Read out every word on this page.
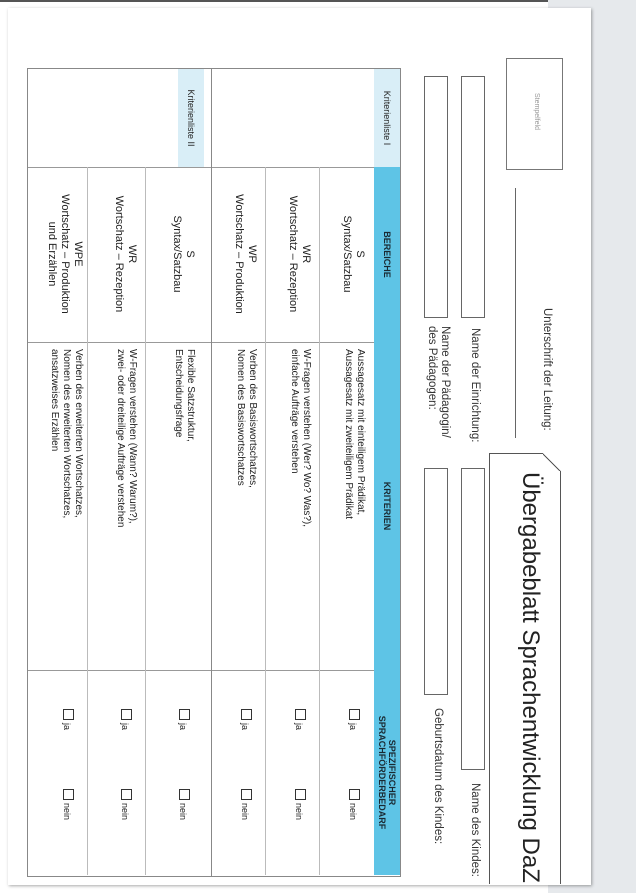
Übergabeblatt Sprachentwicklung DaZ
Name des Kindes:
Geburtsdatum des Kindes:
Name der Einrichtung:
Name der Pädagogin/
des Pädagogen:	Unterschrift der Leitung:
Stempelfeld
Kriterienliste I
BEREICHE
KRITERIEN
SPEZIFISCHER
SPRACHFÖRDERBEDARF
S
Syntax/Satzbau
Aussagesatz mit einteiligem Prädikat,
Aussagesatz mit zweiteiligem Prädikat
ja
nein
WR
Wortschatz – Rezeption
W-Fragen verstehen (Wer? Wo? Was?),
einfache Aufträge verstehen
ja
nein
WP
Wortschatz – Produktion
Verben des Basiswortschatzes,
Nomen des Basiswortschatzes
ja
nein
Kriterienliste II
S
Syntax/Satzbau
Flexible Satzstruktur,
Entscheidungsfrage
ja
nein
WR
Wortschatz – Rezeption
W-Fragen verstehen (Wann? Warum?),
zwei- oder dreiteilige Aufträge verstehen
ja
nein
WPE
Wortschatz – Produktion
und Erzählen
Verben des erweiterten Wortschatzes,
Nomen des erweiterten Wortschatzes,
ansatzweises Erzählen
ja
nein
